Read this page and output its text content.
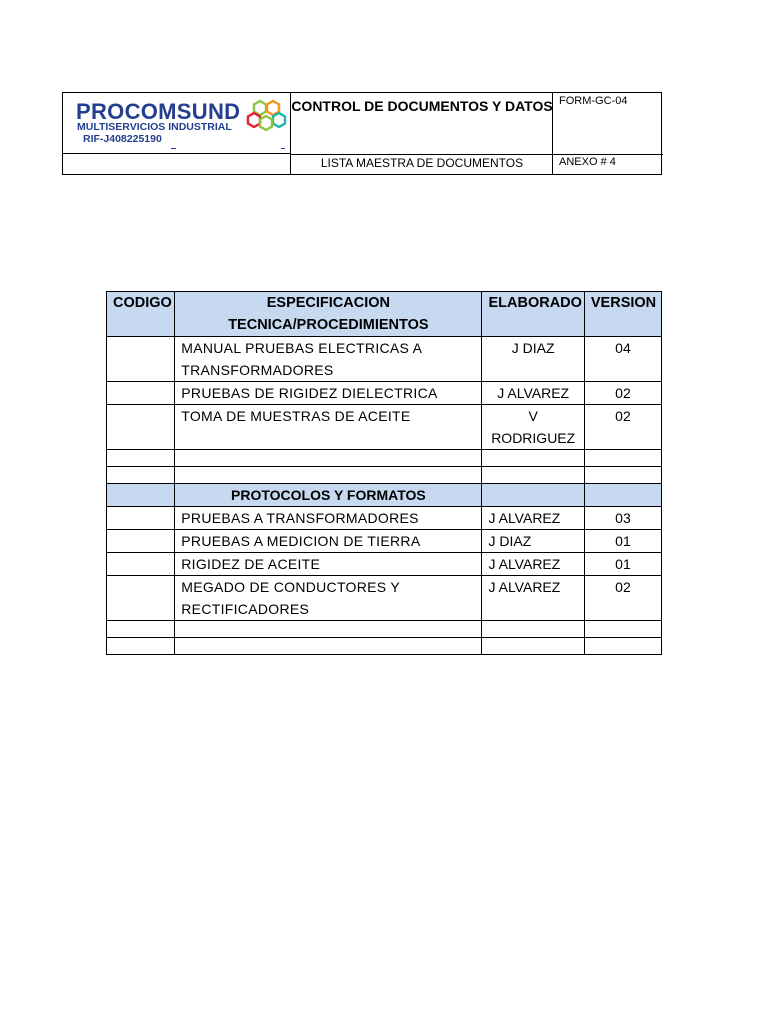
PROCOMSUND
MULTISERVICIOS INDUSTRIAL
RIF-J408225190
CONTROL DE DOCUMENTOS Y DATOS FORM-GC-04
LISTA MAESTRA DE DOCUMENTOS	ANEXO # 4
CODIGO	ESPECIFICACION TECNICA/PROCEDIMIENTOS	ELABORADO	VERSION
	MANUAL PRUEBAS ELECTRICAS A TRANSFORMADORES	J DIAZ	04
	PRUEBAS DE RIGIDEZ DIELECTRICA	J ALVAREZ	02
	TOMA DE MUESTRAS DE ACEITE	V RODRIGUEZ	02

	PROTOCOLOS Y FORMATOS		
	PRUEBAS A TRANSFORMADORES	J ALVAREZ	03
	PRUEBAS A MEDICION DE TIERRA	J DIAZ	01
	RIGIDEZ DE ACEITE	J ALVAREZ	01
	MEGADO DE CONDUCTORES Y RECTIFICADORES	J ALVAREZ	02
